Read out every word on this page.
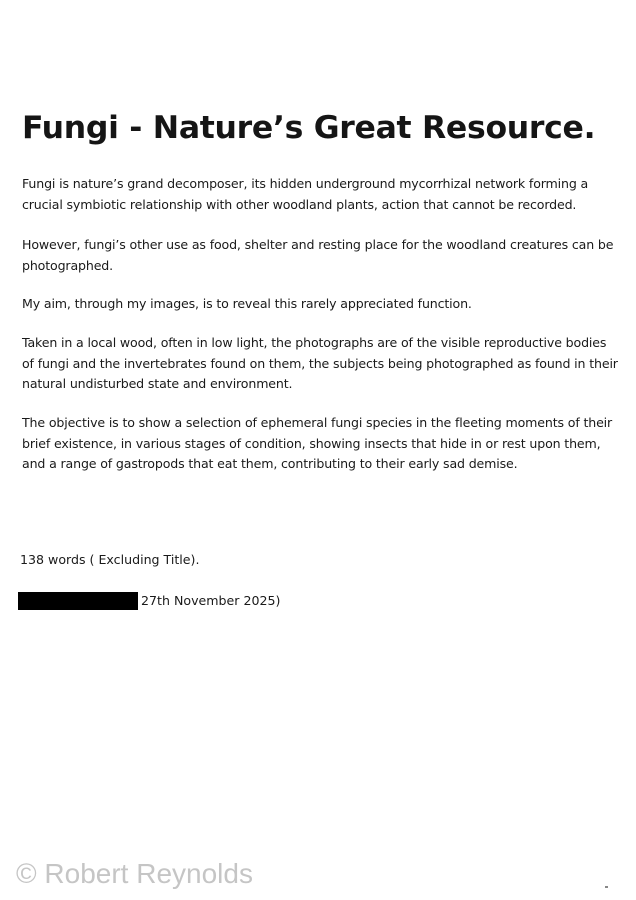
Fungi - Nature’s Great Resource.

Fungi is nature’s grand decomposer, its hidden underground mycorrhizal network forming a crucial symbiotic relationship with other woodland plants, action that cannot be recorded.

However, fungi’s other use as food, shelter and resting place for the woodland creatures can be photographed.

My aim, through my images, is to reveal this rarely appreciated function.

Taken in a local wood, often in low light, the photographs are of the visible reproductive bodies of fungi and the invertebrates found on them, the subjects being photographed as found in their natural undisturbed state and environment.

The objective is to show a selection of ephemeral fungi species in the fleeting moments of their brief existence, in various stages of condition, showing insects that hide in or rest upon them, and a range of gastropods that eat them, contributing to their early sad demise.

138 words ( Excluding Title).
27th November 2025)
© Robert Reynolds
